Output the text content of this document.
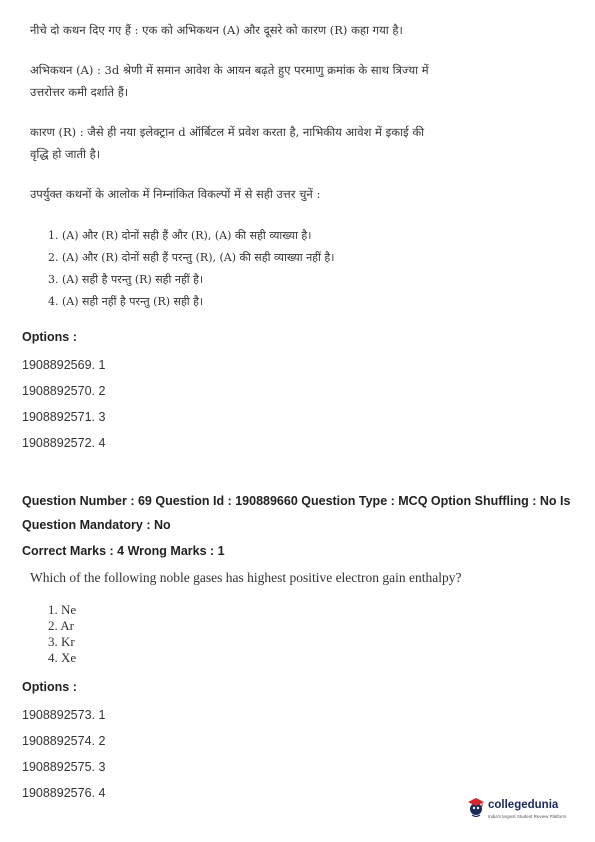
नीचे दो कथन दिए गए हैं : एक को अभिकथन (A) और दूसरे को कारण (R) कहा गया है।

अभिकथन (A) : 3d श्रेणी में समान आवेश के आयन बढ़ते हुए परमाणु क्रमांक के साथ त्रिज्या में

उत्तरोत्तर कमी दर्शाते हैं।

कारण (R) : जैसे ही नया इलेक्ट्रान d ऑर्बिटल में प्रवेश करता है, नाभिकीय आवेश में इकाई की

वृद्धि हो जाती है।

उपर्युक्त कथनों के आलोक में निम्नांकित विकल्पों में से सही उत्तर चुनें :

1. (A) और (R) दोनों सही हैं और (R), (A) की सही व्याख्या है।
2. (A) और (R) दोनों सही हैं परन्तु (R), (A) की सही व्याख्या नहीं है।
3. (A) सही है परन्तु (R) सही नहीं है।
4. (A) सही नहीं है परन्तु (R) सही है।
Options :
1908892569. 1
1908892570. 2
1908892571. 3
1908892572. 4
Question Number : 69 Question Id : 190889660 Question Type : MCQ Option Shuffling : No Is
Question Mandatory : No
Correct Marks : 4 Wrong Marks : 1
Which of the following noble gases has highest positive electron gain enthalpy?
1. Ne
2. Ar
3. Kr
4. Xe
Options :
1908892573. 1
1908892574. 2
1908892575. 3
1908892576. 4
collegedunia
India's largest Student Review Platform
